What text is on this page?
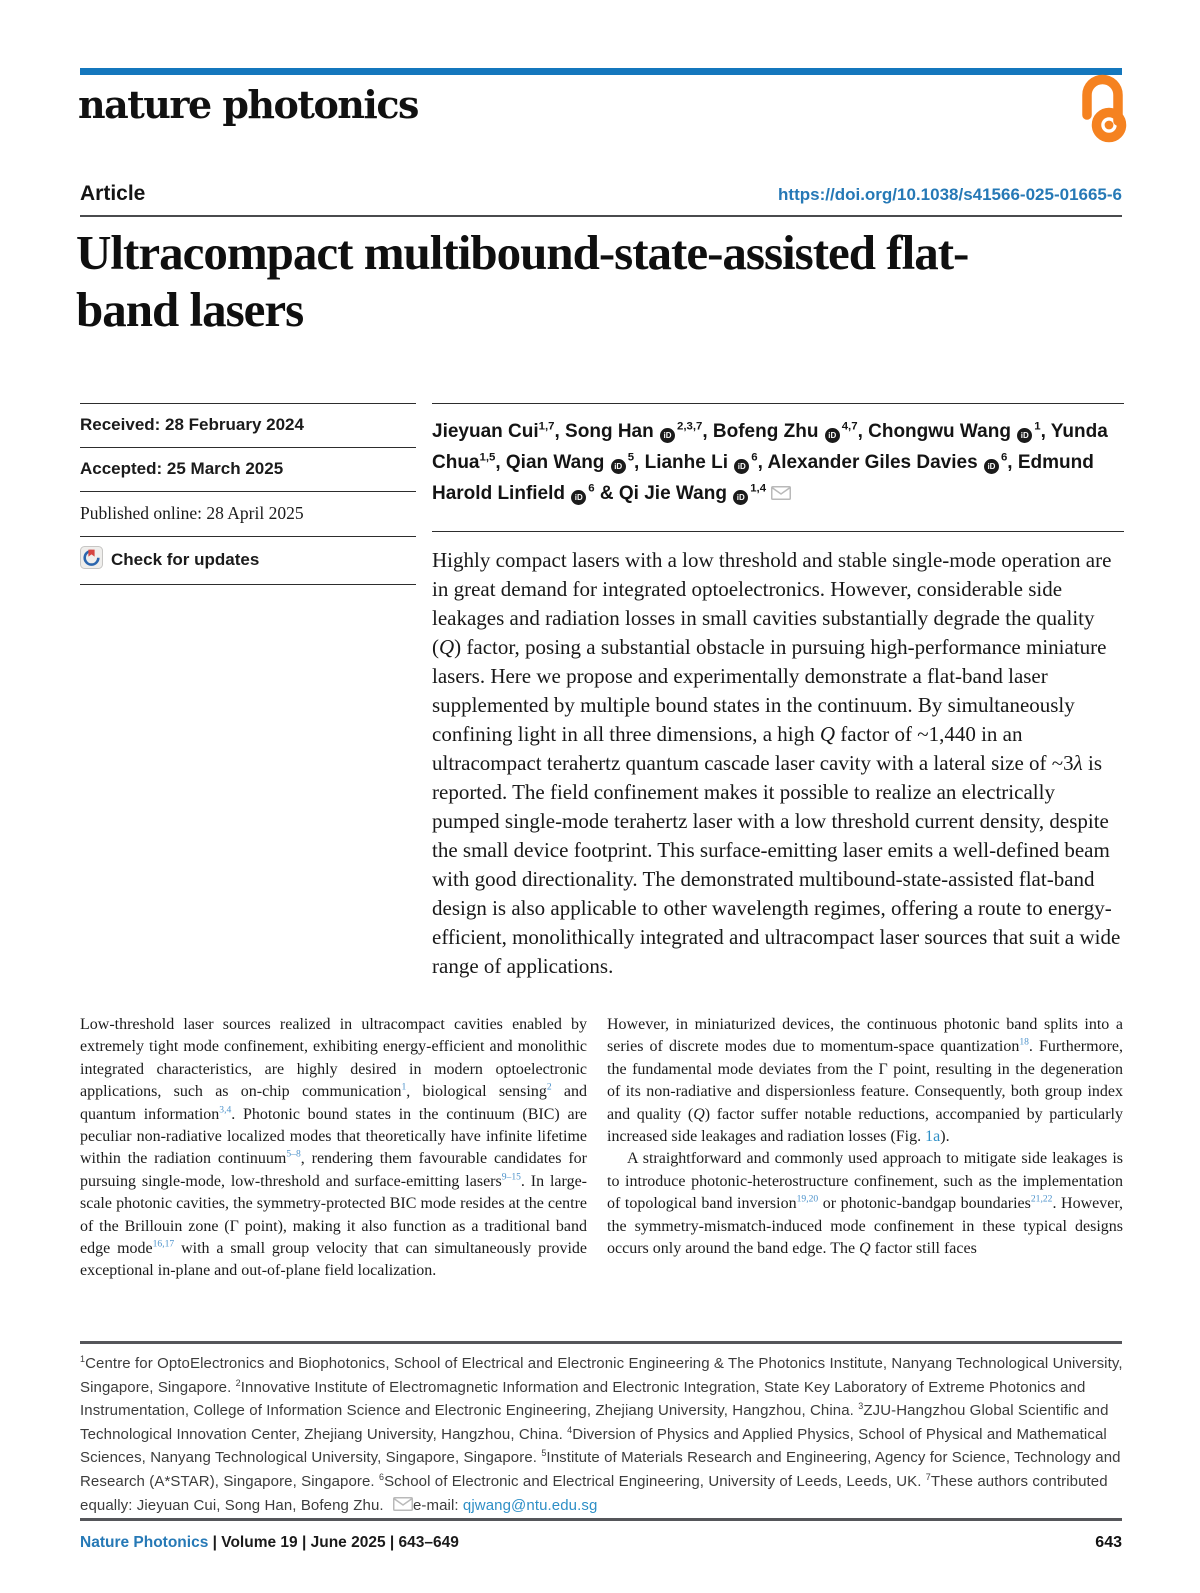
nature photonics
Article	https://doi.org/10.1038/s41566-025-01665-6
Ultracompact multibound-state-assisted flat-band lasers
Received: 28 February 2024
Accepted: 25 March 2025
Published online: 28 April 2025
Check for updates
Jieyuan Cui$^{1,7}$, Song Han iD$^{2,3,7}$, Bofeng Zhu iD$^{4,7}$, Chongwu Wang iD$^1$, Yunda Chua$^{1,5}$, Qian Wang iD$^5$, Lianhe Li iD$^6$, Alexander Giles Davies iD$^6$, Edmund Harold Linfield iD$^6$ & Qi Jie Wang iD$^{1,4}$
Highly compact lasers with a low threshold and stable single-mode operation are in great demand for integrated optoelectronics. However, considerable side leakages and radiation losses in small cavities substantially degrade the quality (Q) factor, posing a substantial obstacle in pursuing high-performance miniature lasers. Here we propose and experimentally demonstrate a flat-band laser supplemented by multiple bound states in the continuum. By simultaneously confining light in all three dimensions, a high Q factor of ~1,440 in an ultracompact terahertz quantum cascade laser cavity with a lateral size of ~3λ is reported. The field confinement makes it possible to realize an electrically pumped single-mode terahertz laser with a low threshold current density, despite the small device footprint. This surface-emitting laser emits a well-defined beam with good directionality. The demonstrated multibound-state-assisted flat-band design is also applicable to other wavelength regimes, offering a route to energy-efficient, monolithically integrated and ultracompact laser sources that suit a wide range of applications.

Low-threshold laser sources realized in ultracompact cavities enabled by extremely tight mode confinement, exhibiting energy-efficient and monolithic integrated characteristics, are highly desired in modern optoelectronic applications, such as on-chip communication$^1$, biological sensing$^2$ and quantum information$^{3,4}$. Photonic bound states in the continuum (BIC) are peculiar non-radiative localized modes that theoretically have infinite lifetime within the radiation continuum$^{5-8}$, rendering them favourable candidates for pursuing single-mode, low-threshold and surface-emitting lasers$^{9-15}$. In large-scale photonic cavities, the symmetry-protected BIC mode resides at the centre of the Brillouin zone (Γ point), making it also function as a traditional band edge mode$^{16,17}$ with a small group velocity that can simultaneously provide exceptional in-plane and out-of-plane field localization.

However, in miniaturized devices, the continuous photonic band splits into a series of discrete modes due to momentum-space quantization$^{18}$. Furthermore, the fundamental mode deviates from the Γ point, resulting in the degeneration of its non-radiative and dispersionless feature. Consequently, both group index and quality (Q) factor suffer notable reductions, accompanied by particularly increased side leakages and radiation losses (Fig. 1a).

A straightforward and commonly used approach to mitigate side leakages is to introduce photonic-heterostructure confinement, such as the implementation of topological band inversion$^{19,20}$ or photonic-bandgap boundaries$^{21,22}$. However, the symmetry-mismatch-induced mode confinement in these typical designs occurs only around the band edge. The Q factor still faces

$^1$Centre for OptoElectronics and Biophotonics, School of Electrical and Electronic Engineering & The Photonics Institute, Nanyang Technological University, Singapore, Singapore. $^2$Innovative Institute of Electromagnetic Information and Electronic Integration, State Key Laboratory of Extreme Photonics and Instrumentation, College of Information Science and Electronic Engineering, Zhejiang University, Hangzhou, China. $^3$ZJU-Hangzhou Global Scientific and Technological Innovation Center, Zhejiang University, Hangzhou, China. $^4$Diversion of Physics and Applied Physics, School of Physical and Mathematical Sciences, Nanyang Technological University, Singapore, Singapore. $^5$Institute of Materials Research and Engineering, Agency for Science, Technology and Research (A*STAR), Singapore, Singapore. $^6$School of Electronic and Electrical Engineering, University of Leeds, Leeds, UK. $^7$These authors contributed equally: Jieyuan Cui, Song Han, Bofeng Zhu. e-mail: qjwang@ntu.edu.sg
Nature Photonics | Volume 19 | June 2025 | 643–649	643
